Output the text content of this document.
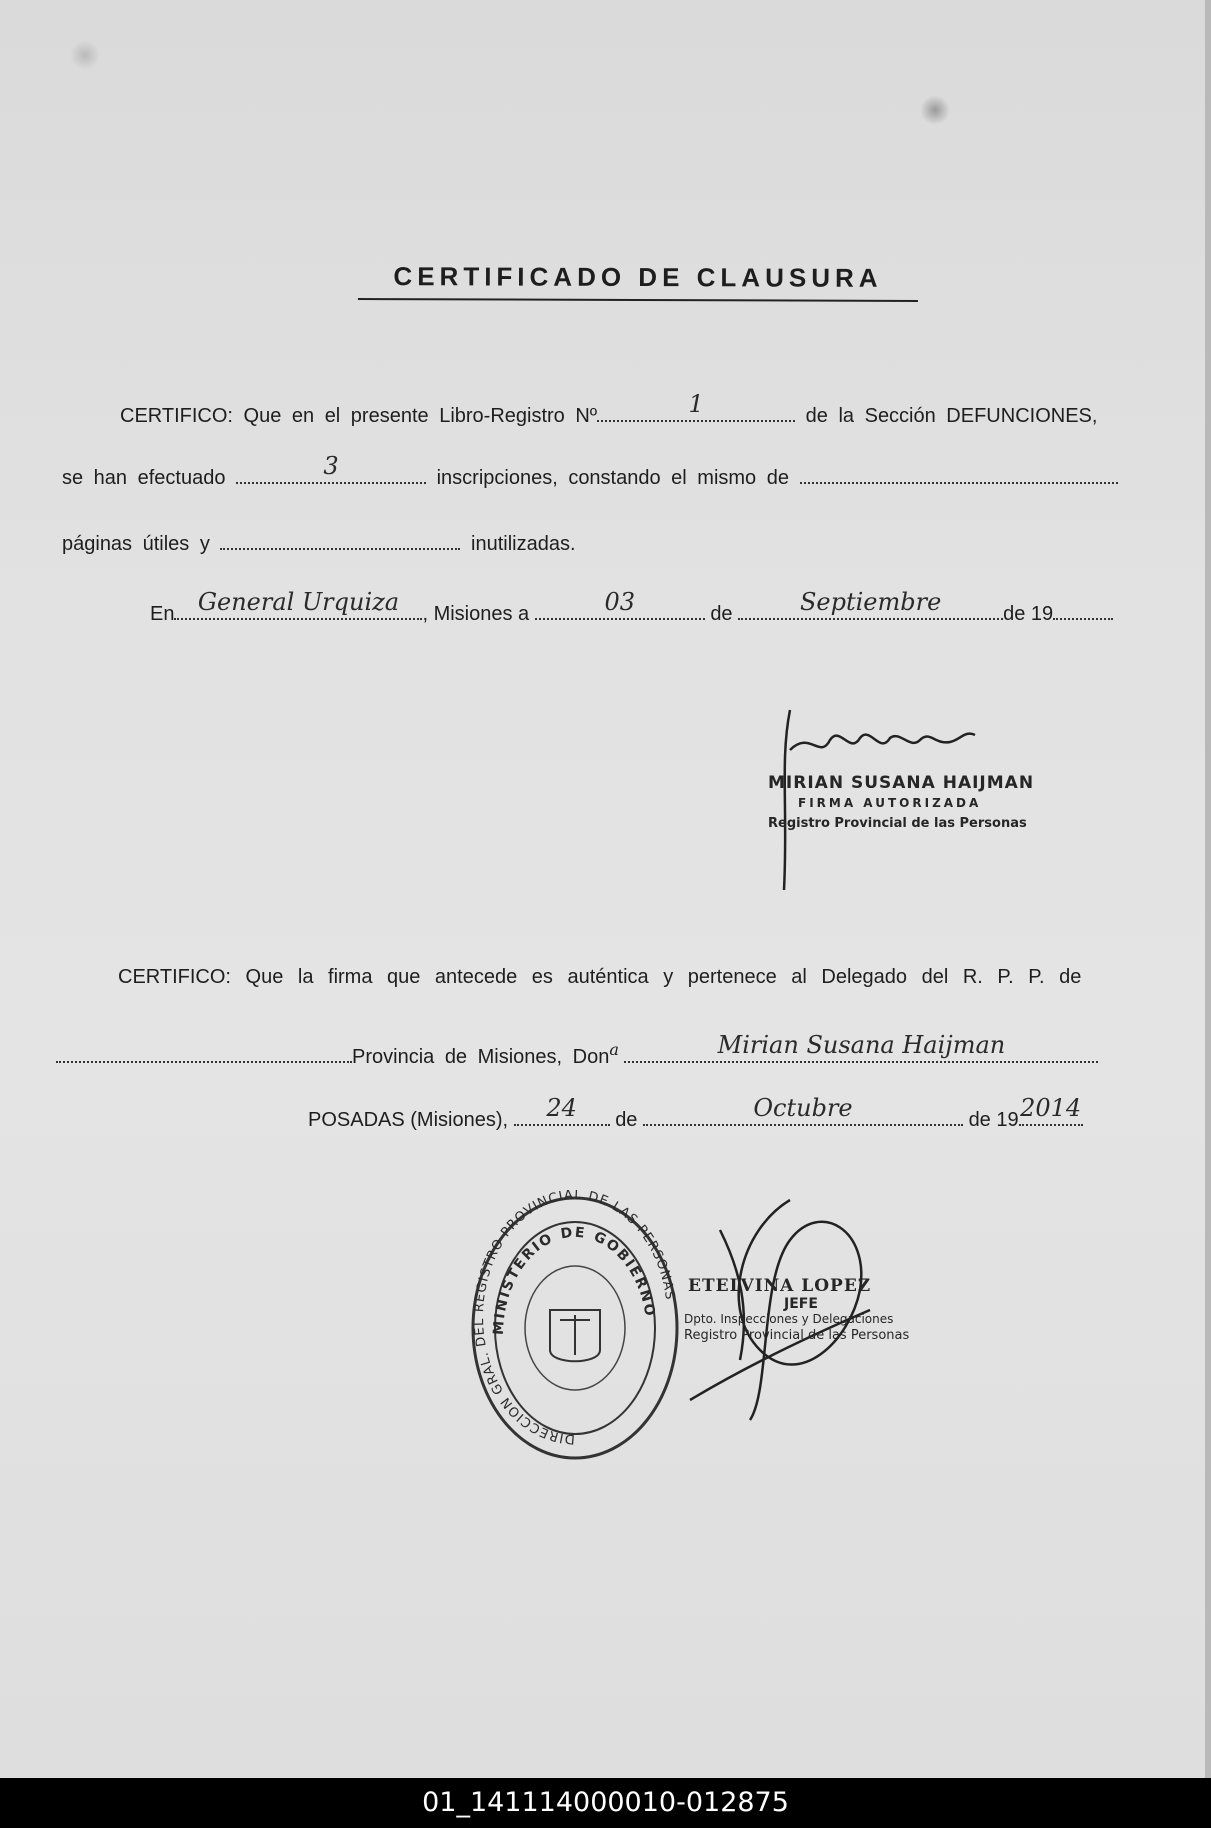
CERTIFICADO DE CLAUSURA
CERTIFICO: Que en el presente Libro-Registro Nº	1	de la Sección DEFUNCIONES,
se han efectuado	3	inscripciones, constando el mismo de
páginas útiles y	inutilizadas.
En General Urquiza	, Misiones a	03	de	Septiembre	de 19
MIRIAN SUSANA HAIJMAN
FIRMA AUTORIZADA
Registro Provincial de las Personas
CERTIFICO: Que la firma que antecede es auténtica y pertenece al Delegado del R. P. P. de
Provincia de Misiones, Dona	Mirian Susana Haijman
POSADAS (Misiones),	24	de	Octubre	de 19 2014
DIRECCION GRAL. DEL REGISTRO PROVINCIAL DE LAS PERSONAS
MINISTERIO DE GOBIERNO
ETELVINA LOPEZ
JEFE
Dpto. Inspecciones y Delegaciones
Registro Provincial de las Personas
01_141114000010-012875
